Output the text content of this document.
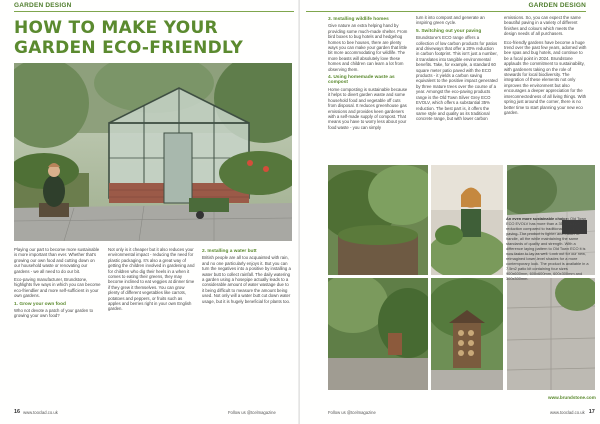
GARDEN DESIGN
HOW TO MAKE YOUR
GARDEN ECO-FRIENDLY

Playing our part to become more sustainable is more important than ever. Whether that's growing our own food and cutting down on our household waste or renovating our gardens - we all need to do our bit.

Eco-paving manufacturer, Brundstone, highlights five ways in which you can become eco-friendlier and more self-sufficient in your own gardens.

1. Grow your own food

Who not devote a patch of your garden to growing your own food?

Not only is it cheaper but it also reduces your environmental impact - reducing the need for plastic packaging. It's also a great way of getting the children involved in gardening and for children who dig their heels in a when it comes to eating their greens, they may become inclined to eat veggies at dinner time if they grew it themselves. You can grow plenty of different vegetables like carrots, potatoes and peppers, or fruits such as apples and berries right in your own English garden.

2. Installing a water butt

British people are all too acquainted with rain, and no one particularly enjoys it. But you can turn the negatives into a positive by installing a water butt to collect rainfall. The daily watering a garden using a hosepipe actually leads to a considerable amount of water wastage due to it being difficult to measure the amount being used. Not only will a water butt cut down water usage, but it is hugely beneficial for plants too.

16 www.tooclad.co.uk	Follow us @tcelmagazine
GARDEN DESIGN
3. Installing wildlife homes

Give nature an extra helping hand by providing some much-made shelter. From bird boxes to bug hotels and hedgehog homes to bee houses, there are plenty ways you can make your garden that little bit more accommodating for wildlife. The more beasts will absolutely love these homes and children can learn a lot from observing them.

4. Using homemade waste as compost

Home composting is sustainable because it helps to divert garden waste and some household food and vegetable off cuts from disposal. It reduces greenhouse gas emissions and provides keen gardeners with a self-made supply of compost. That means you have to worry less about your food waste - you can simply

turn it into compost and generate an inspiring green cycle.

5. Switching out your paving

Brundstone's ECO range offers a collection of low carbon products for patios and driveways that offer a 20% reduction in carbon footprint. This isn't just a number, it translates into tangible environmental benefits. Take, for example, a standard 60 square meter patio paved with the ECO products - it yields a carbon saving equivalent to the positive impact generated by three mature trees over the course of a year. Amongst the eco-paving products range is the Old Town Silver Grey ECO EVOLV, which offers a substantial 35% reduction. The best part is, it offers the same style and quality as its traditional concrete range, but with lower carbon

emissions. So, you can expect the same beautiful paving in a variety of different finishes and colours which meets the design needs of all purchasers.

Eco-friendly gardens have become a huge trend over the past few years, adorned with bee spas and bug hotels, and continue to be a focal point in 2024. Brundstone applauds the commitment to sustainability, with gardeners taking on the role of stewards for local biodiversity. The integration of these elements not only improves the environment but also encourages a deeper appreciation for the interconnectedness of all living things. With spring just around the corner, there is no better time to start planning your new eco garden.

An even more sustainable choice: Old Town ECO EVOLV has more than a 35% carbon reduction compared to traditional Old Town paving. The product is lighter and easier to handle, all the while maintaining the same standards of quality and strength. With a difference laying pattern to Old Town ECO it is now faster to lay as well. Look out for our new, reimagined lower-level shades for a more contemporary look. The product is available in a 7.5m2 patio kit containing four sizes 900x600mm, 600x600mm, 600x300mm and 300x300mm.
www.brundstone.com
Follow us @tcelmagazine	www.tooclad.co.uk 17
